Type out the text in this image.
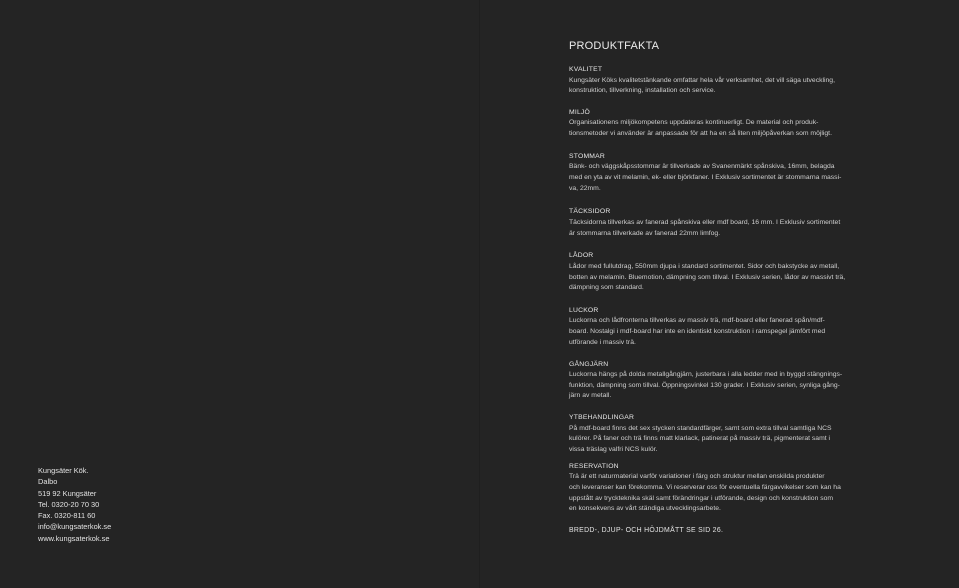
Kungsäter Kök.
Dalbo
519 92 Kungsäter
Tel. 0320-20 70 30
Fax. 0320-811 60
info@kungsaterkok.se
www.kungsaterkok.se
PRODUKTFAKTA
KVALITET
Kungsäter Köks kvalitetstänkande omfattar hela vår verksamhet, det vill säga utveckling,
konstruktion, tillverkning, installation och service.
MILJÖ
Organisationens miljökompetens uppdateras kontinuerligt. De material och produk-
tionsmetoder vi använder är anpassade för att ha en så liten miljöpåverkan som möjligt.
STOMMAR
Bänk- och väggskåpsstommar är tillverkade av Svanenmärkt spånskiva, 16mm, belagda
med en yta av vit melamin, ek- eller björkfaner. I Exklusiv sortimentet är stommarna massi-
va, 22mm.
TÄCKSIDOR
Täcksidorna tillverkas av fanerad spånskiva eller mdf board, 16 mm. I Exklusiv sortimentet
är stommarna tillverkade av fanerad 22mm limfog.
LÅDOR
Lådor med fullutdrag, 550mm djupa i standard sortimentet. Sidor och bakstycke av metall,
botten av melamin. Bluemotion, dämpning som tillval. I Exklusiv serien, lådor av massivt trä,
dämpning som standard.
LUCKOR
Luckorna och lådfronterna tillverkas av massiv trä, mdf-board eller fanerad spån/mdf-
board. Nostalgi i mdf-board har inte en identiskt konstruktion i ramspegel jämfört med
utförande i massiv trä.
GÅNGJÄRN
Luckorna hängs på dolda metallgångjärn, justerbara i alla ledder med in byggd stängnings-
funktion, dämpning som tillval. Öppningsvinkel 130 grader. I Exklusiv serien, synliga gång-
järn av metall.
YTBEHANDLINGAR
På mdf-board finns det sex stycken standardfärger, samt som extra tillval samtliga NCS
kulörer. På faner och trä finns matt klarlack, patinerat på massiv trä, pigmenterat samt i
vissa träslag valfri NCS kulör.
RESERVATION
Trä är ett naturmaterial varför variationer i färg och struktur mellan enskilda produkter
och leveranser kan förekomma. Vi reserverar oss för eventuella färgavvikelser som kan ha
uppstått av tryckteknika skäl samt förändringar i utförande, design och konstruktion som
en konsekvens av vårt ständiga utvecklingsarbete.
BREDD-, DJUP- OCH HÖJDMÅTT SE SID 26.
